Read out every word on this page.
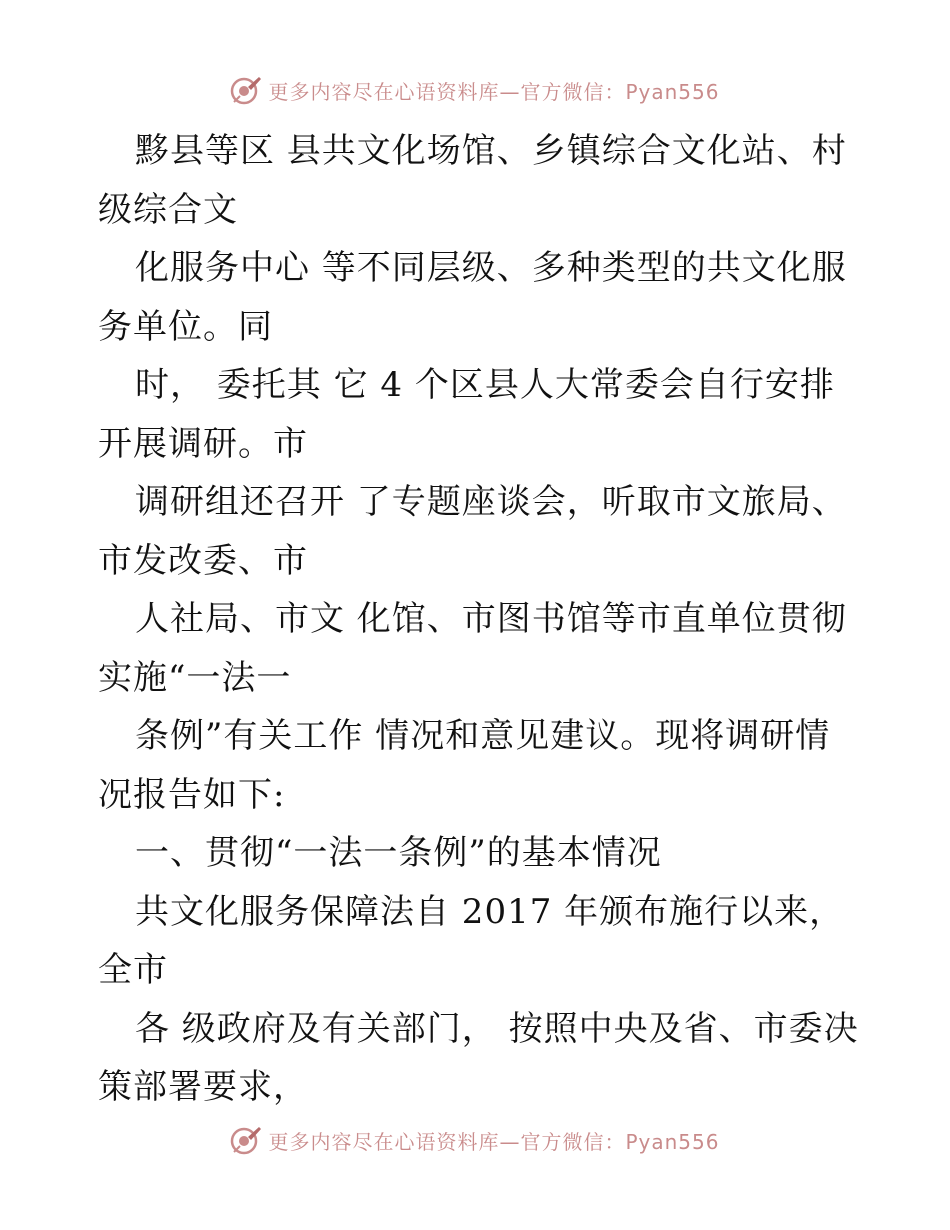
更多内容尽在心语资料库—官方微信：Pyan556
黟县等区 县共文化场馆、乡镇综合文化站、村
级综合文
化服务中心 等不同层级、多种类型的共文化服
务单位。同
时， 委托其 它 4 个区县人大常委会自行安排
开展调研。市
调研组还召开 了专题座谈会，听取市文旅局、
市发改委、市
人社局、市文 化馆、市图书馆等市直单位贯彻
实施“一法一
条例”有关工作 情况和意见建议。现将调研情
况报告如下:
一、贯彻“一法一条例”的基本情况
共文化服务保障法自 2017 年颁布施行以来，
全市
各 级政府及有关部门， 按照中央及省、市委决
策部署要求，
更多内容尽在心语资料库—官方微信：Pyan556
